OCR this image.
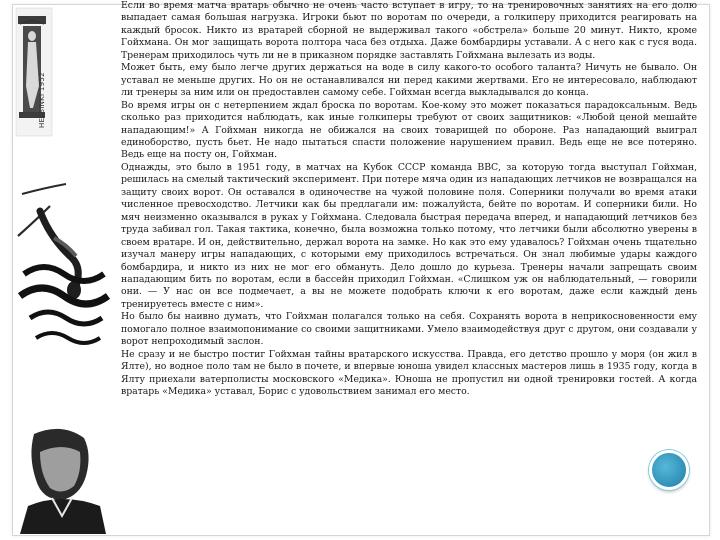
HELSINKI 1952

Если во время матча вратарь обычно не очень часто вступает в игру, то на тренировочных занятиях на его долю выпадает самая большая нагрузка. Игроки бьют по воротам по очереди, а голкиперу приходится реагировать на каждый бросок. Никто из вратарей сборной не выдерживал такого «обстрела» больше 20 минут. Никто, кроме Гойхмана. Он мог защищать ворота полтора часа без отдыха. Даже бомбардиры уставали. А с него как с гуся вода. Тренерам приходилось чуть ли не в приказном порядке заставлять Гойхмана вылезать из воды.

Может быть, ему было легче других держаться на воде в силу какого-то особого таланта? Ничуть не бывало. Он уставал не меньше других. Но он не останавливался ни перед какими жертвами. Его не интересовало, наблюдают ли тренеры за ним или он предоставлен самому себе. Гойхман всегда выкладывался до конца.

Во время игры он с нетерпением ждал броска по воротам. Кое-кому это может показаться парадоксальным. Ведь сколько раз приходится наблюдать, как иные голкиперы требуют от своих защитников: «Любой ценой мешайте нападающим!» А Гойхман никогда не обижался на своих товарищей по обороне. Раз нападающий выиграл единоборство, пусть бьет. Не надо пытаться спасти положение нарушением правил. Ведь еще не все потеряно. Ведь еще на посту он, Гойхман.

Однажды, это было в 1951 году, в матчах на Кубок СССР команда ВВС, за которую тогда выступал Гойхман, решилась на смелый тактический эксперимент. При потере мяча один из нападающих летчиков не возвращался на защиту своих ворот. Он оставался в одиночестве на чужой половине поля. Соперники получали во время атаки численное превосходство. Летчики как бы предлагали им: пожалуйста, бейте по воротам. И соперники били. Но мяч неизменно оказывался в руках у Гойхмана. Следовала быстрая передача вперед, и нападающий летчиков без труда забивал гол. Такая тактика, конечно, была возможна только потому, что летчики были абсолютно уверены в своем вратаре. И он, действительно, держал ворота на замке. Но как это ему удавалось? Гойхман очень тщательно изучал манеру игры нападающих, с которыми ему приходилось встречаться. Он знал любимые удары каждого бомбардира, и никто из них не мог его обмануть. Дело дошло до курьеза. Тренеры начали запрещать своим нападающим бить по воротам, если в бассейн приходил Гойхман. «Слишком уж он наблюдательный, — говорили они. — У нас он все подмечает, а вы не можете подобрать ключи к его воротам, даже если каждый день тренируетесь вместе с ним».

Но было бы наивно думать, что Гойхман полагался только на себя. Сохранять ворота в неприкосновенности ему помогало полное взаимопонимание со своими защитниками. Умело взаимодействуя друг с другом, они создавали у ворот непроходимый заслон.

Не сразу и не быстро постиг Гойхман тайны вратарского искусства. Правда, его детство прошло у моря (он жил в Ялте), но водное поло там не было в почете, и впервые юноша увидел классных мастеров лишь в 1935 году, когда в Ялту приехали ватерполисты московского «Медика». Юноша не пропустил ни одной тренировки гостей. А когда вратарь «Медика» уставал, Борис с удовольствием занимал его место.
